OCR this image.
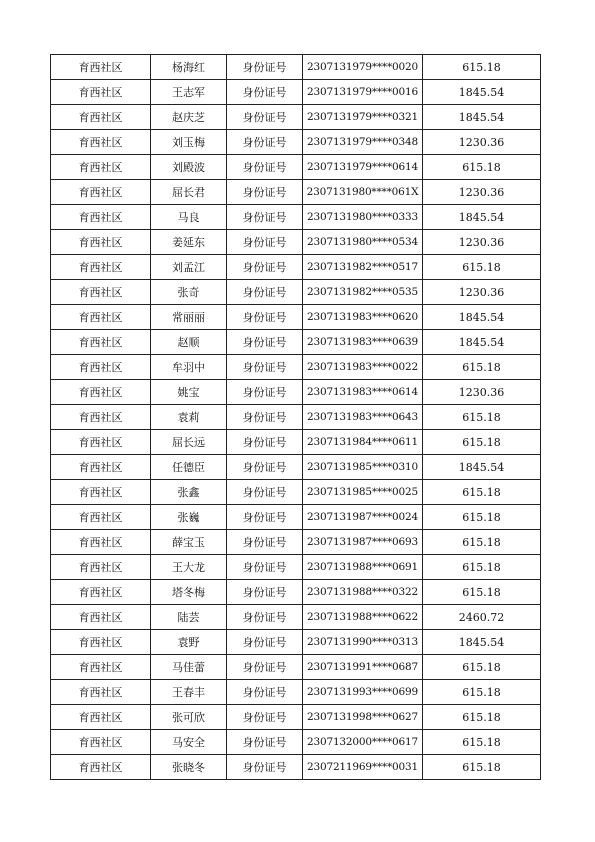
育西社区	杨海红	身份证号	2307131979****0020	615.18
育西社区	王志军	身份证号	2307131979****0016	1845.54
育西社区	赵庆芝	身份证号	2307131979****0321	1845.54
育西社区	刘玉梅	身份证号	2307131979****0348	1230.36
育西社区	刘殿波	身份证号	2307131979****0614	615.18
育西社区	屈长君	身份证号	2307131980****061X	1230.36
育西社区	马良	身份证号	2307131980****0333	1845.54
育西社区	姜延东	身份证号	2307131980****0534	1230.36
育西社区	刘孟江	身份证号	2307131982****0517	615.18
育西社区	张奇	身份证号	2307131982****0535	1230.36
育西社区	常丽丽	身份证号	2307131983****0620	1845.54
育西社区	赵顺	身份证号	2307131983****0639	1845.54
育西社区	牟羽中	身份证号	2307131983****0022	615.18
育西社区	姚宝	身份证号	2307131983****0614	1230.36
育西社区	袁莉	身份证号	2307131983****0643	615.18
育西社区	屈长远	身份证号	2307131984****0611	615.18
育西社区	任德臣	身份证号	2307131985****0310	1845.54
育西社区	张鑫	身份证号	2307131985****0025	615.18
育西社区	张巍	身份证号	2307131987****0024	615.18
育西社区	薛宝玉	身份证号	2307131987****0693	615.18
育西社区	王大龙	身份证号	2307131988****0691	615.18
育西社区	塔冬梅	身份证号	2307131988****0322	615.18
育西社区	陆芸	身份证号	2307131988****0622	2460.72
育西社区	袁野	身份证号	2307131990****0313	1845.54
育西社区	马佳蕾	身份证号	2307131991****0687	615.18
育西社区	王春丰	身份证号	2307131993****0699	615.18
育西社区	张可欣	身份证号	2307131998****0627	615.18
育西社区	马安全	身份证号	2307132000****0617	615.18
育西社区	张晓冬	身份证号	2307211969****0031	615.18
